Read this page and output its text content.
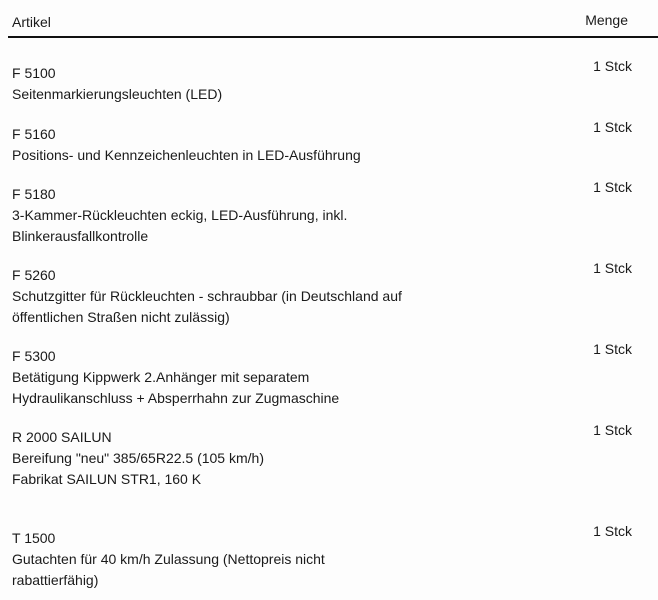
Artikel	Menge
F 5100
Seitenmarkierungsleuchten (LED)
1 Stck
F 5160
Positions- und Kennzeichenleuchten in LED-Ausführung
1 Stck
F 5180
3-Kammer-Rückleuchten eckig, LED-Ausführung, inkl.
Blinkerausfallkontrolle
1 Stck
F 5260
Schutzgitter für Rückleuchten - schraubbar (in Deutschland auf
öffentlichen Straßen nicht zulässig)
1 Stck
F 5300
Betätigung Kippwerk 2.Anhänger mit separatem
Hydraulikanschluss + Absperrhahn zur Zugmaschine
1 Stck
R 2000 SAILUN
Bereifung "neu" 385/65R22.5 (105 km/h)
Fabrikat SAILUN STR1, 160 K
1 Stck
T 1500
Gutachten für 40 km/h Zulassung (Nettopreis nicht
rabattierfähig)
1 Stck
